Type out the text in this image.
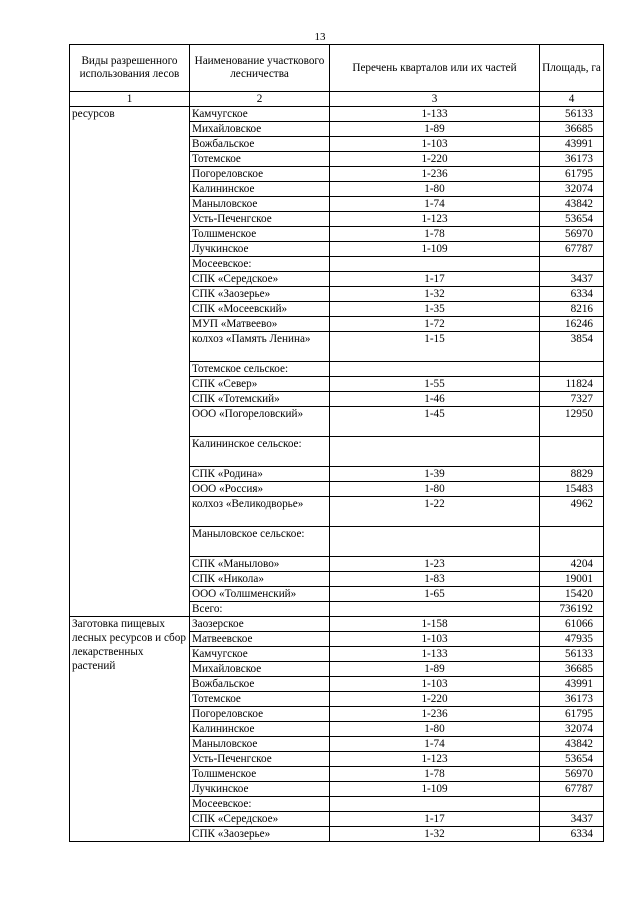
13
Виды разрешенного использования лесов	Наименование участкового лесничества	Перечень кварталов или их частей	Площадь, га
1	2	3	4
ресурсов	Камчугское	1-133	56133
	Михайловское	1-89	36685
	Вожбальское	1-103	43991
	Тотемское	1-220	36173
	Погореловское	1-236	61795
	Калининское	1-80	32074
	Маныловское	1-74	43842
	Усть-Печенгское	1-123	53654
	Толшменское	1-78	56970
	Лучкинское	1-109	67787
	Мосеевское:		
	СПК «Середское»	1-17	3437
	СПК «Заозерье»	1-32	6334
	СПК «Мосеевский»	1-35	8216
	МУП «Матвеево»	1-72	16246
	колхоз «Память Ленина»	1-15	3854
	Тотемское сельское:		
	СПК «Север»	1-55	11824
	СПК «Тотемский»	1-46	7327
	ООО «Погореловский»	1-45	12950
	Калининское сельское:		
	СПК «Родина»	1-39	8829
	ООО «Россия»	1-80	15483
	колхоз «Великодворье»	1-22	4962
	Маныловское сельское:		
	СПК «Манылово»	1-23	4204
	СПК «Никола»	1-83	19001
	ООО «Толшменский»	1-65	15420
	Всего:		736192
Заготовка пищевых лесных ресурсов и сбор лекарственных растений	Заозерское	1-158	61066
	Матвеевское	1-103	47935
	Камчугское	1-133	56133
	Михайловское	1-89	36685
	Вожбальское	1-103	43991
	Тотемское	1-220	36173
	Погореловское	1-236	61795
	Калининское	1-80	32074
	Маныловское	1-74	43842
	Усть-Печенгское	1-123	53654
	Толшменское	1-78	56970
	Лучкинское	1-109	67787
	Мосеевское:		
	СПК «Середское»	1-17	3437
	СПК «Заозерье»	1-32	6334
